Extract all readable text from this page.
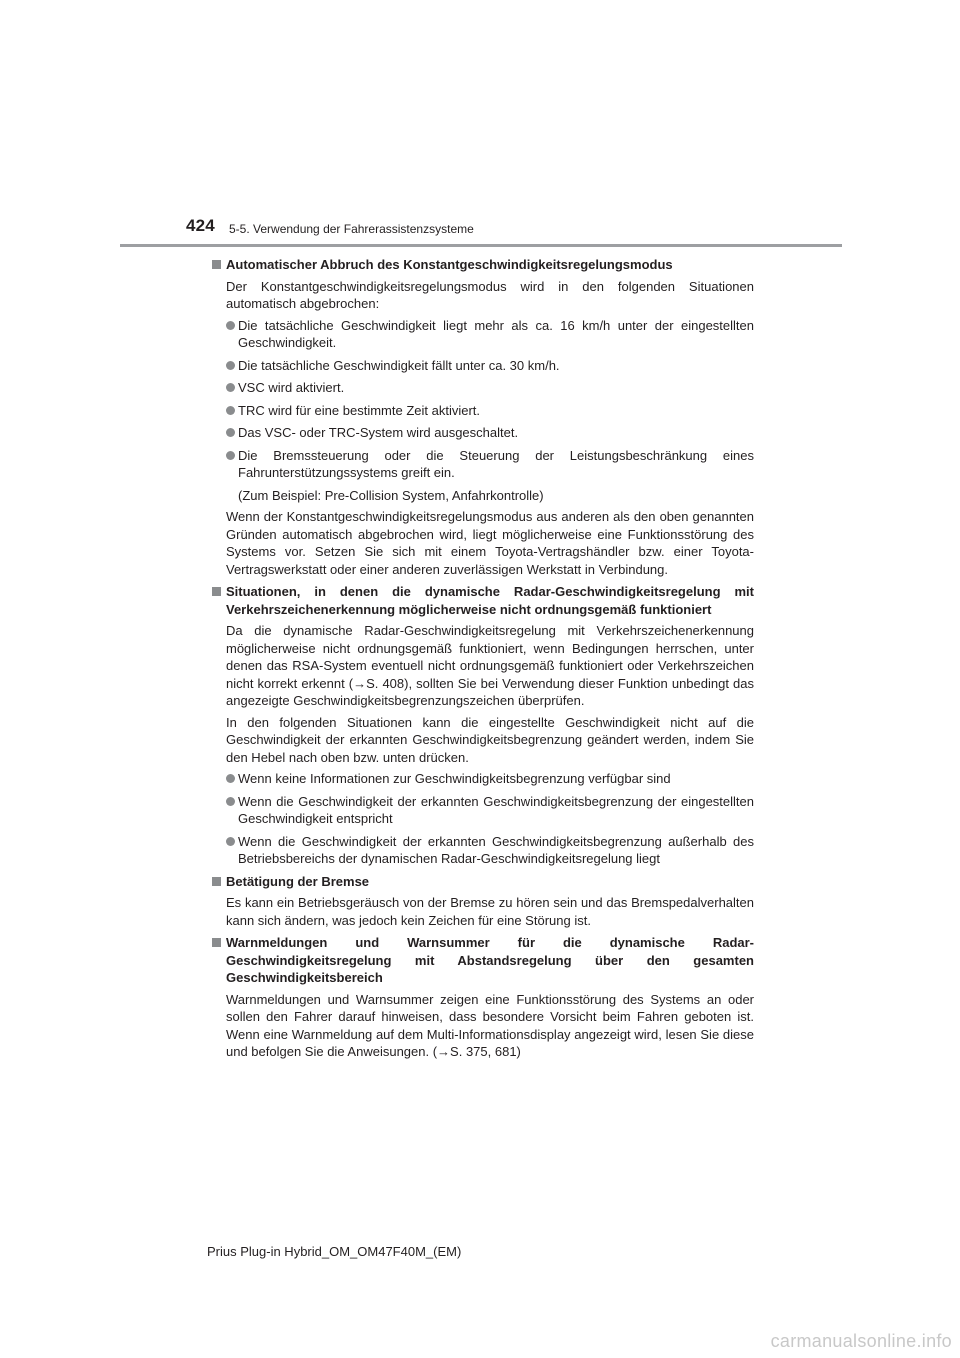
424 5-5. Verwendung der Fahrerassistenzsysteme
Automatischer Abbruch des Konstantgeschwindigkeitsregelungsmodus

Der Konstantgeschwindigkeitsregelungsmodus wird in den folgenden Situationen automatisch abgebrochen:

Die tatsächliche Geschwindigkeit liegt mehr als ca. 16 km/h unter der eingestellten Geschwindigkeit.
Die tatsächliche Geschwindigkeit fällt unter ca. 30 km/h.
VSC wird aktiviert.
TRC wird für eine bestimmte Zeit aktiviert.
Das VSC- oder TRC-System wird ausgeschaltet.
Die Bremssteuerung oder die Steuerung der Leistungsbeschränkung eines Fahrunterstützungssystems greift ein.

(Zum Beispiel: Pre-Collision System, Anfahrkontrolle)

Wenn der Konstantgeschwindigkeitsregelungsmodus aus anderen als den oben genannten Gründen automatisch abgebrochen wird, liegt möglicherweise eine Funktionsstörung des Systems vor. Setzen Sie sich mit einem Toyota-Vertragshändler bzw. einer Toyota-Vertragswerkstatt oder einer anderen zuverlässigen Werkstatt in Verbindung.

Situationen, in denen die dynamische Radar-Geschwindigkeitsregelung mit Verkehrszeichenerkennung möglicherweise nicht ordnungsgemäß funktioniert

Da die dynamische Radar-Geschwindigkeitsregelung mit Verkehrszeichenerkennung möglicherweise nicht ordnungsgemäß funktioniert, wenn Bedingungen herrschen, unter denen das RSA-System eventuell nicht ordnungsgemäß funktioniert oder Verkehrszeichen nicht korrekt erkennt (→S. 408), sollten Sie bei Verwendung dieser Funktion unbedingt das angezeigte Geschwindigkeitsbegrenzungszeichen überprüfen.

In den folgenden Situationen kann die eingestellte Geschwindigkeit nicht auf die Geschwindigkeit der erkannten Geschwindigkeitsbegrenzung geändert werden, indem Sie den Hebel nach oben bzw. unten drücken.

Wenn keine Informationen zur Geschwindigkeitsbegrenzung verfügbar sind
Wenn die Geschwindigkeit der erkannten Geschwindigkeitsbegrenzung der eingestellten Geschwindigkeit entspricht
Wenn die Geschwindigkeit der erkannten Geschwindigkeitsbegrenzung außerhalb des Betriebsbereichs der dynamischen Radar-Geschwindigkeitsregelung liegt
Betätigung der Bremse

Es kann ein Betriebsgeräusch von der Bremse zu hören sein und das Bremspedalverhalten kann sich ändern, was jedoch kein Zeichen für eine Störung ist.

Warnmeldungen und Warnsummer für die dynamische Radar-Geschwindigkeitsregelung mit Abstandsregelung über den gesamten Geschwindigkeitsbereich

Warnmeldungen und Warnsummer zeigen eine Funktionsstörung des Systems an oder sollen den Fahrer darauf hinweisen, dass besondere Vorsicht beim Fahren geboten ist. Wenn eine Warnmeldung auf dem Multi-Informationsdisplay angezeigt wird, lesen Sie diese und befolgen Sie die Anweisungen. (→S. 375, 681)

Prius Plug-in Hybrid_OM_OM47F40M_(EM)
carmanualsonline.info
